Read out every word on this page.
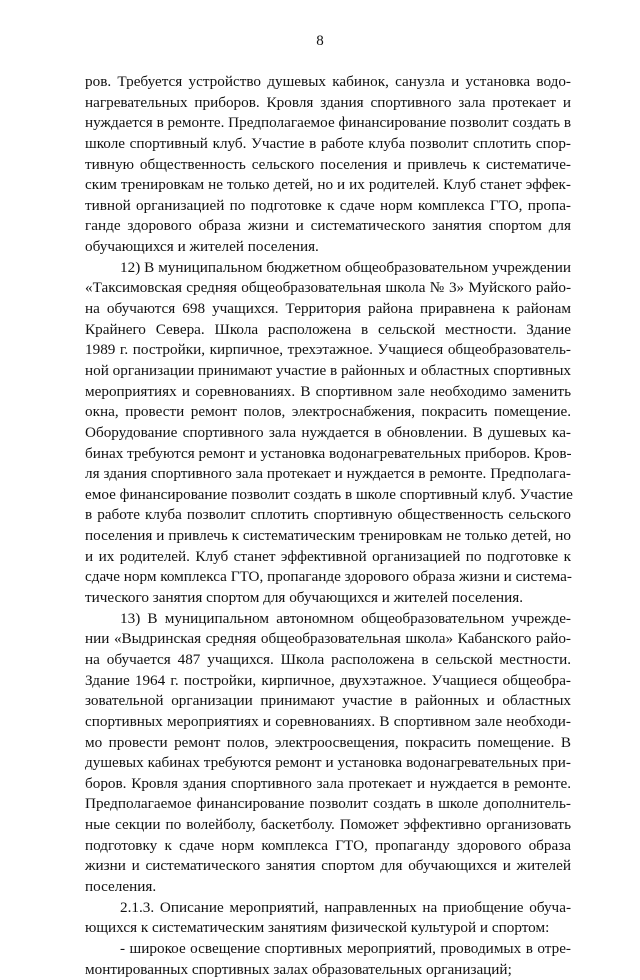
8
ров. Требуется устройство душевых кабинок, санузла и установка водо-
нагревательных приборов. Кровля здания спортивного зала протекает и
нуждается в ремонте. Предполагаемое финансирование позволит создать в
школе спортивный клуб. Участие в работе клуба позволит сплотить спор-
тивную общественность сельского поселения и привлечь к систематиче-
ским тренировкам не только детей, но и их родителей. Клуб станет эффек-
тивной организацией по подготовке к сдаче норм комплекса ГТО, пропа-
ганде здорового образа жизни и систематического занятия спортом для
обучающихся и жителей поселения.
12) В муниципальном бюджетном общеобразовательном учреждении
«Таксимовская средняя общеобразовательная школа № 3» Муйского райо-
на обучаются 698 учащихся. Территория района приравнена к районам
Крайнего Севера. Школа расположена в сельской местности. Здание
1989 г. постройки, кирпичное, трехэтажное. Учащиеся общеобразователь-
ной организации принимают участие в районных и областных спортивных
мероприятиях и соревнованиях. В спортивном зале необходимо заменить
окна, провести ремонт полов, электроснабжения, покрасить помещение.
Оборудование спортивного зала нуждается в обновлении. В душевых ка-
бинах требуются ремонт и установка водонагревательных приборов. Кров-
ля здания спортивного зала протекает и нуждается в ремонте. Предполага-
емое финансирование позволит создать в школе спортивный клуб. Участие
в работе клуба позволит сплотить спортивную общественность сельского
поселения и привлечь к систематическим тренировкам не только детей, но
и их родителей. Клуб станет эффективной организацией по подготовке к
сдаче норм комплекса ГТО, пропаганде здорового образа жизни и система-
тического занятия спортом для обучающихся и жителей поселения.
13) В муниципальном автономном общеобразовательном учрежде-
нии «Выдринская средняя общеобразовательная школа» Кабанского райо-
на обучается 487 учащихся. Школа расположена в сельской местности.
Здание 1964 г. постройки, кирпичное, двухэтажное. Учащиеся общеобра-
зовательной организации принимают участие в районных и областных
спортивных мероприятиях и соревнованиях. В спортивном зале необходи-
мо провести ремонт полов, электроосвещения, покрасить помещение. В
душевых кабинах требуются ремонт и установка водонагревательных при-
боров. Кровля здания спортивного зала протекает и нуждается в ремонте.
Предполагаемое финансирование позволит создать в школе дополнитель-
ные секции по волейболу, баскетболу. Поможет эффективно организовать
подготовку к сдаче норм комплекса ГТО, пропаганду здорового образа
жизни и систематического занятия спортом для обучающихся и жителей
поселения.
2.1.3. Описание мероприятий, направленных на приобщение обуча-
ющихся к систематическим занятиям физической культурой и спортом:
- широкое освещение спортивных мероприятий, проводимых в отре-
монтированных спортивных залах образовательных организаций;
